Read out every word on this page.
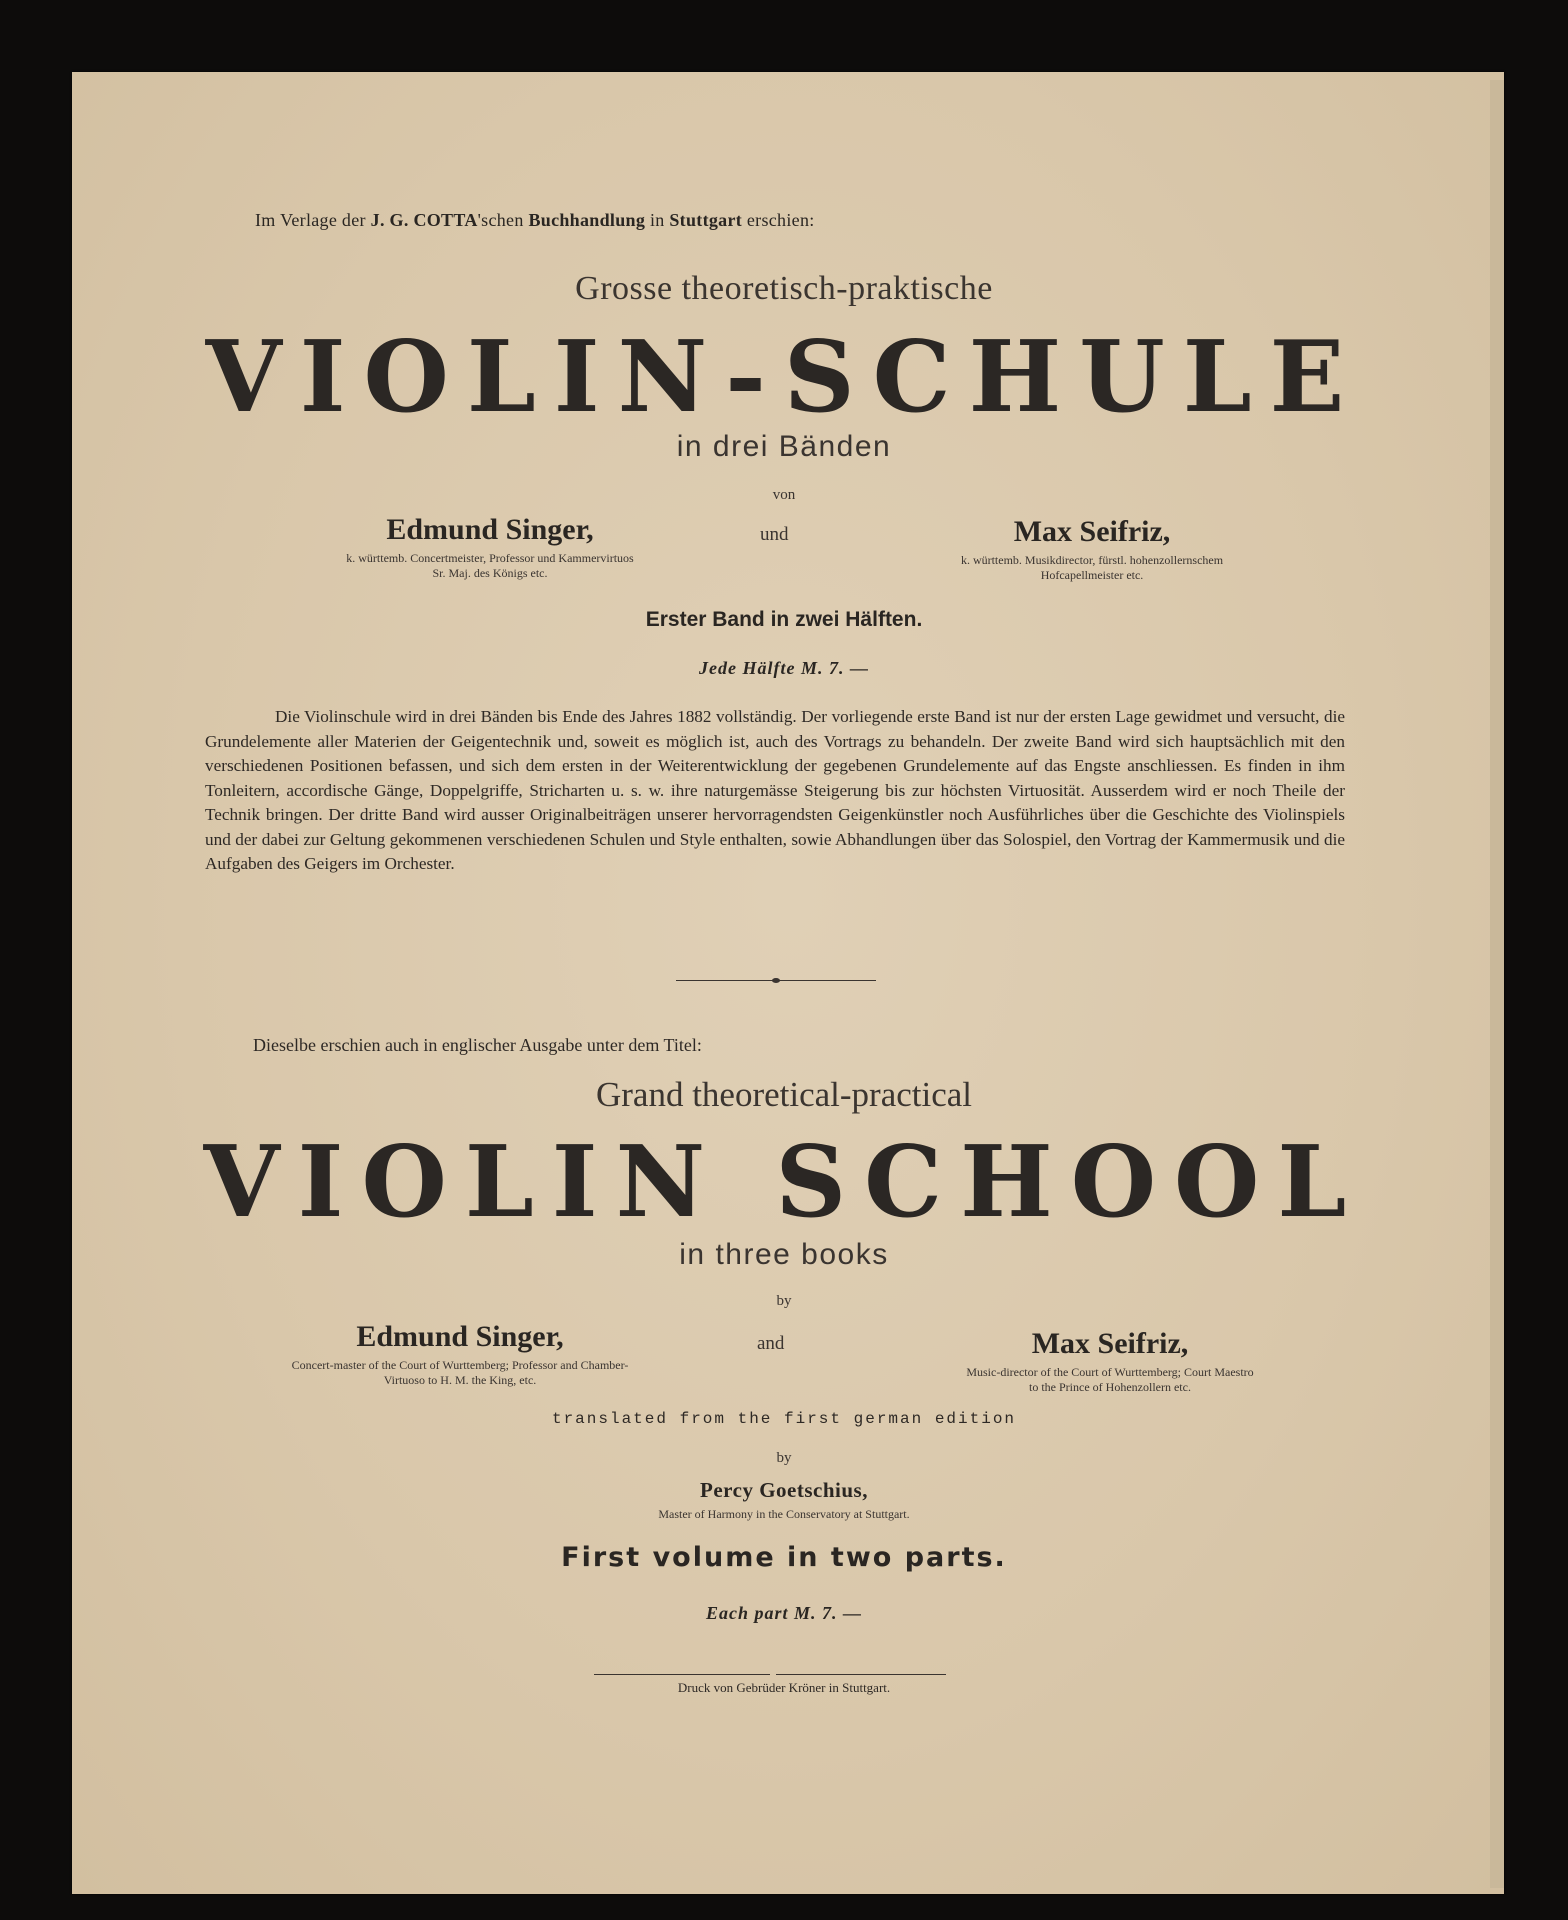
Im Verlage der J. G. COTTA'schen Buchhandlung in Stuttgart erschien:
Grosse theoretisch-praktische
VIOLIN-SCHULE
in drei Bänden
von
Edmund Singer,
k. württemb. Concertmeister, Professor und Kammervirtuos
Sr. Maj. des Königs etc.
und	Max Seifriz,
k. württemb. Musikdirector, fürstl. hohenzollernschem
Hofcapellmeister etc.
Erster Band in zwei Hälften.
Jede Hälfte M. 7. —
Die Violinschule wird in drei Bänden bis Ende des Jahres 1882 vollständig. Der vorliegende erste Band ist nur der ersten Lage gewidmet und versucht, die Grundelemente aller Materien der Geigentechnik und, soweit es möglich ist, auch des Vortrags zu behandeln. Der zweite Band wird sich hauptsächlich mit den verschiedenen Positionen befassen, und sich dem ersten in der Weiterentwicklung der gegebenen Grundelemente auf das Engste anschliessen. Es finden in ihm Tonleitern, accordische Gänge, Doppelgriffe, Stricharten u. s. w. ihre naturgemässe Steigerung bis zur höchsten Virtuosität. Ausserdem wird er noch Theile der Technik bringen. Der dritte Band wird ausser Originalbeiträgen unserer hervorragendsten Geigenkünstler noch Ausführliches über die Geschichte des Violinspiels und der dabei zur Geltung gekommenen verschiedenen Schulen und Style enthalten, sowie Abhandlungen über das Solospiel, den Vortrag der Kammermusik und die Aufgaben des Geigers im Orchester.
Dieselbe erschien auch in englischer Ausgabe unter dem Titel:
Grand theoretical-practical
VIOLIN SCHOOL
in three books
by
Edmund Singer,
Concert-master of the Court of Wurttemberg; Professor and Chamber-
Virtuoso to H. M. the King, etc.
and	Max Seifriz,
Music-director of the Court of Wurttemberg; Court Maestro
to the Prince of Hohenzollern etc.
translated from the first german edition
by
Percy Goetschius,
Master of Harmony in the Conservatory at Stuttgart.
First volume in two parts.
Each part M. 7. —
Druck von Gebrüder Kröner in Stuttgart.
